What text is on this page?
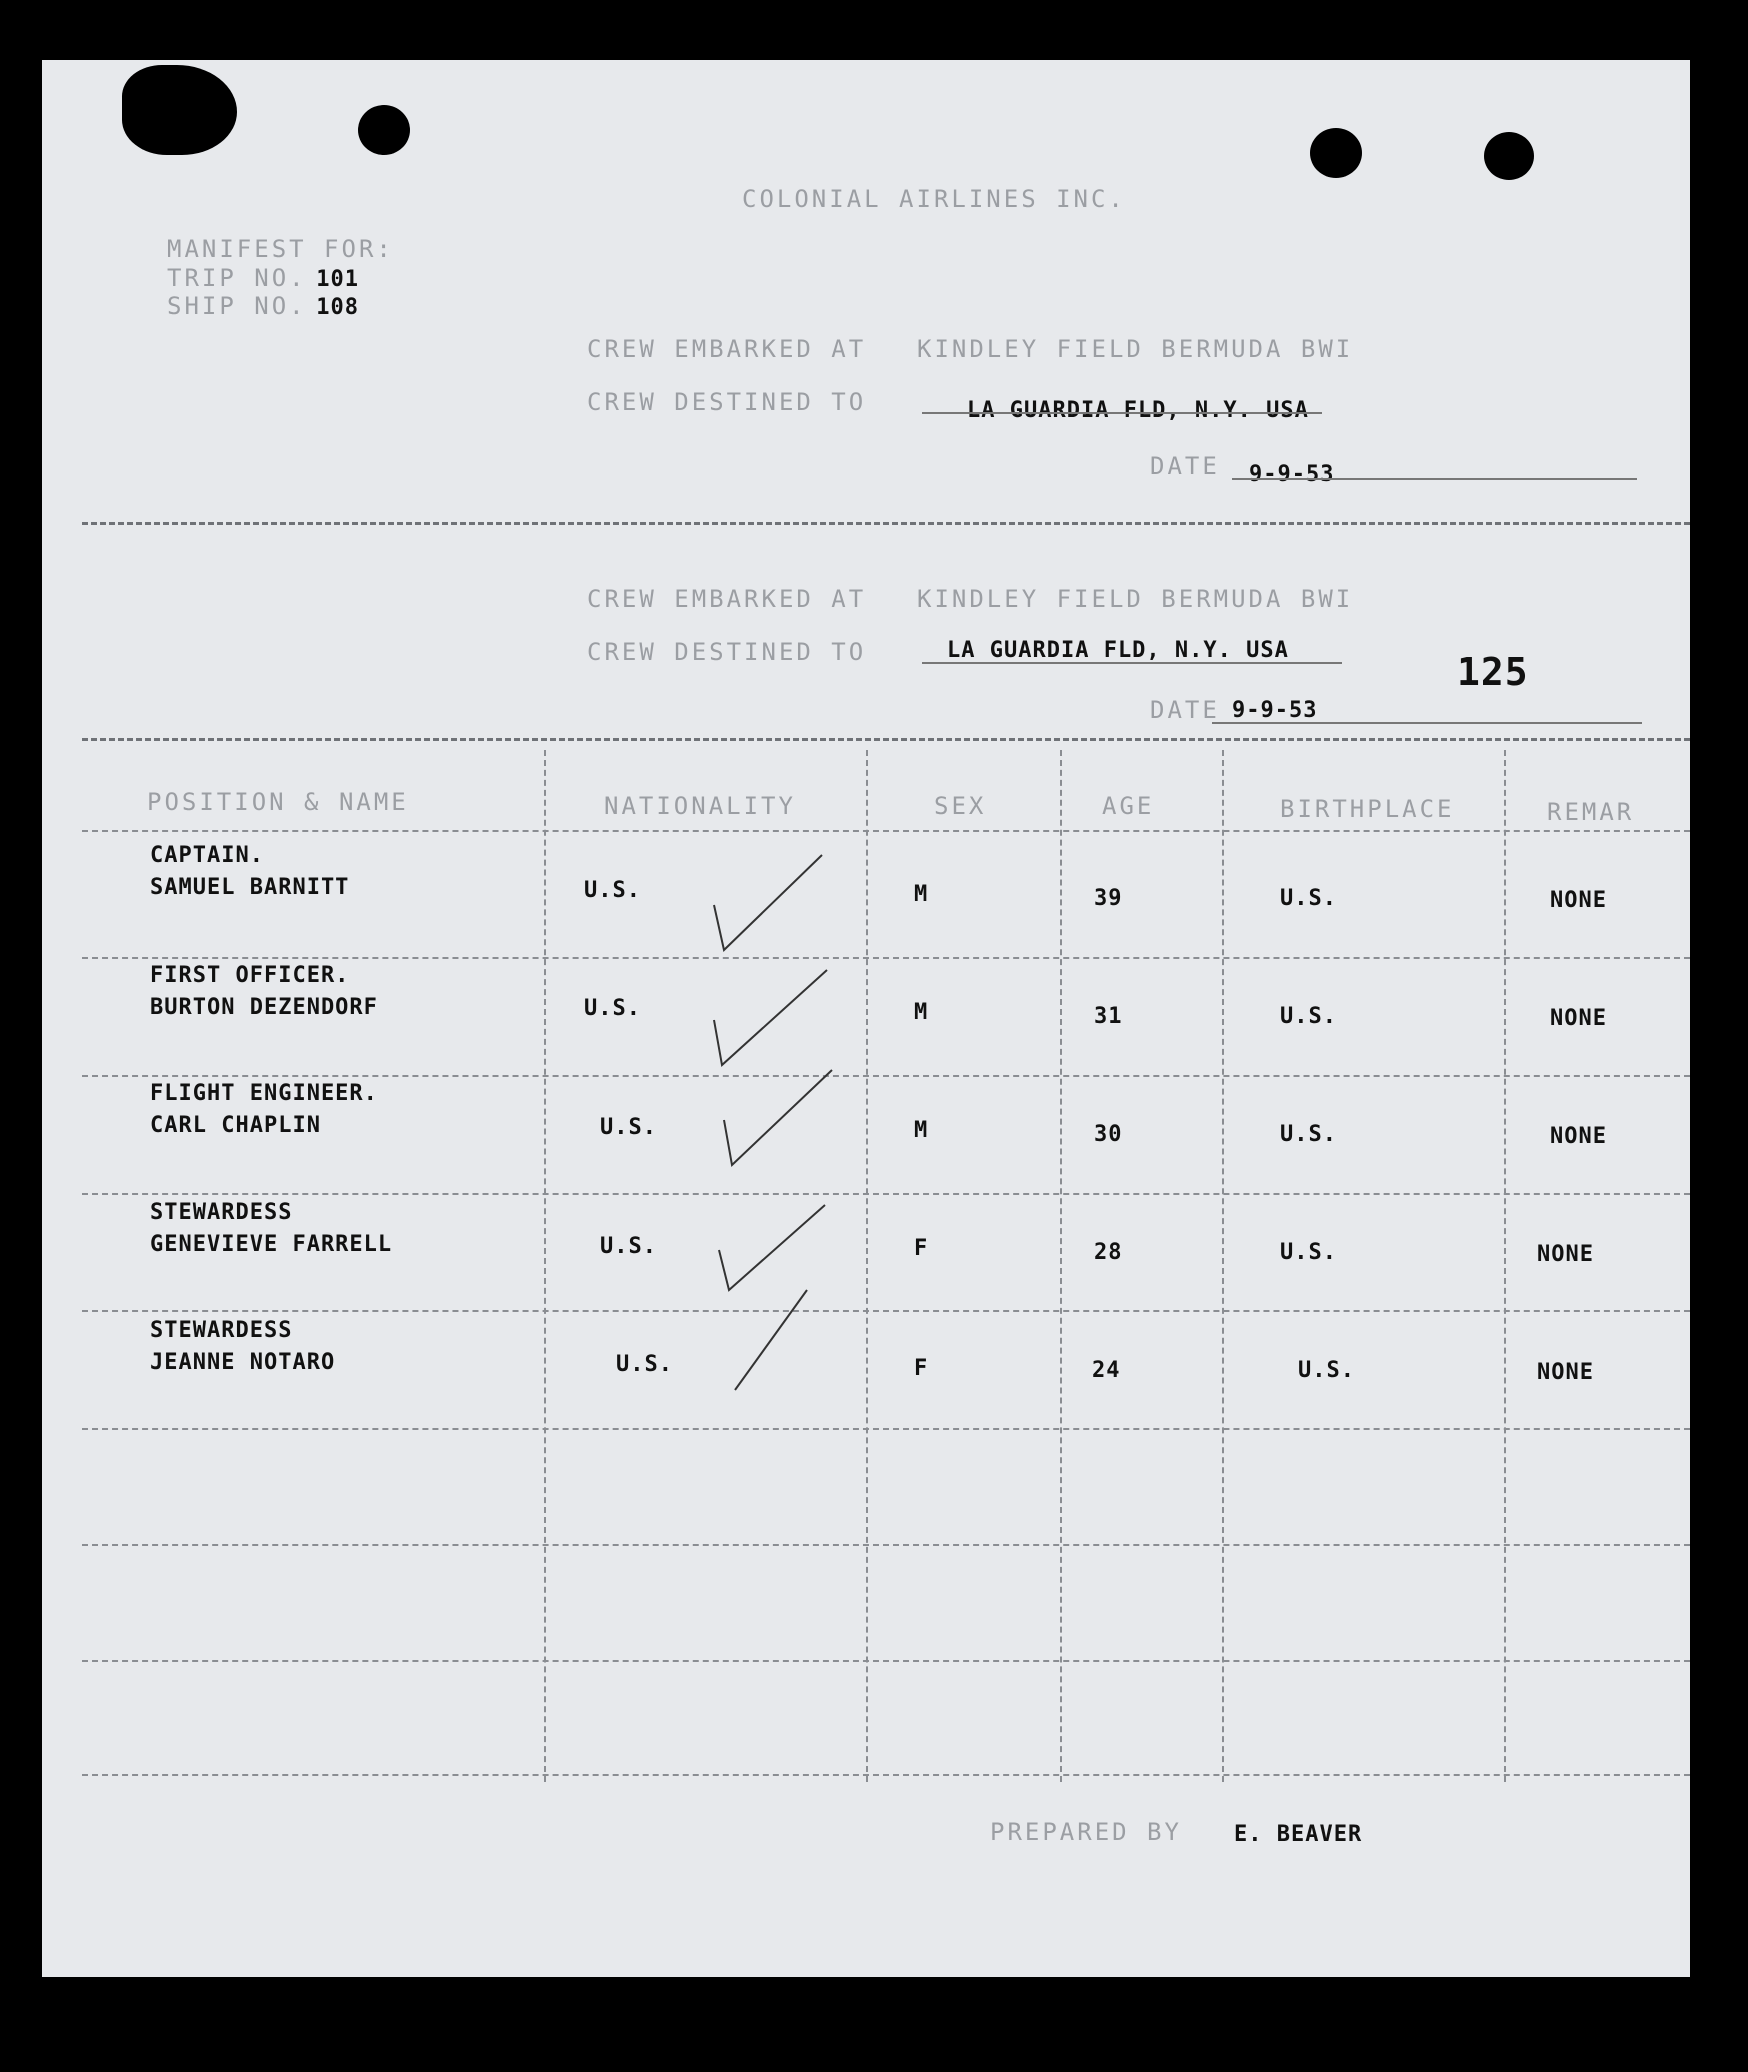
COLONIAL AIRLINES INC.
MANIFEST FOR:
TRIP NO. 101
SHIP NO. 108
CREW EMBARKED AT KINDLEY FIELD BERMUDA BWI
CREW DESTINED TO	LA GUARDIA FLD, N.Y. USA
DATE 9-9-53
CREW EMBARKED AT KINDLEY FIELD BERMUDA BWI
CREW DESTINED TO	LA GUARDIA FLD, N.Y. USA	125
DATE 9-9-53
POSITION & NAME	NATIONALITY	SEX	AGE	BIRTHPLACE	REMAR
CAPTAIN.
SAMUEL BARNITT	U.S.	M	39	U.S.	NONE
FIRST OFFICER.
BURTON DEZENDORF	U.S.	M	31	U.S.	NONE
FLIGHT ENGINEER.
CARL CHAPLIN	U.S.	M	30	U.S.	NONE
STEWARDESS
GENEVIEVE FARRELL	U.S.	F	28	U.S.	NONE
STEWARDESS
JEANNE NOTARO	U.S.	F	24	U.S.	NONE
PREPARED BY E. BEAVER
